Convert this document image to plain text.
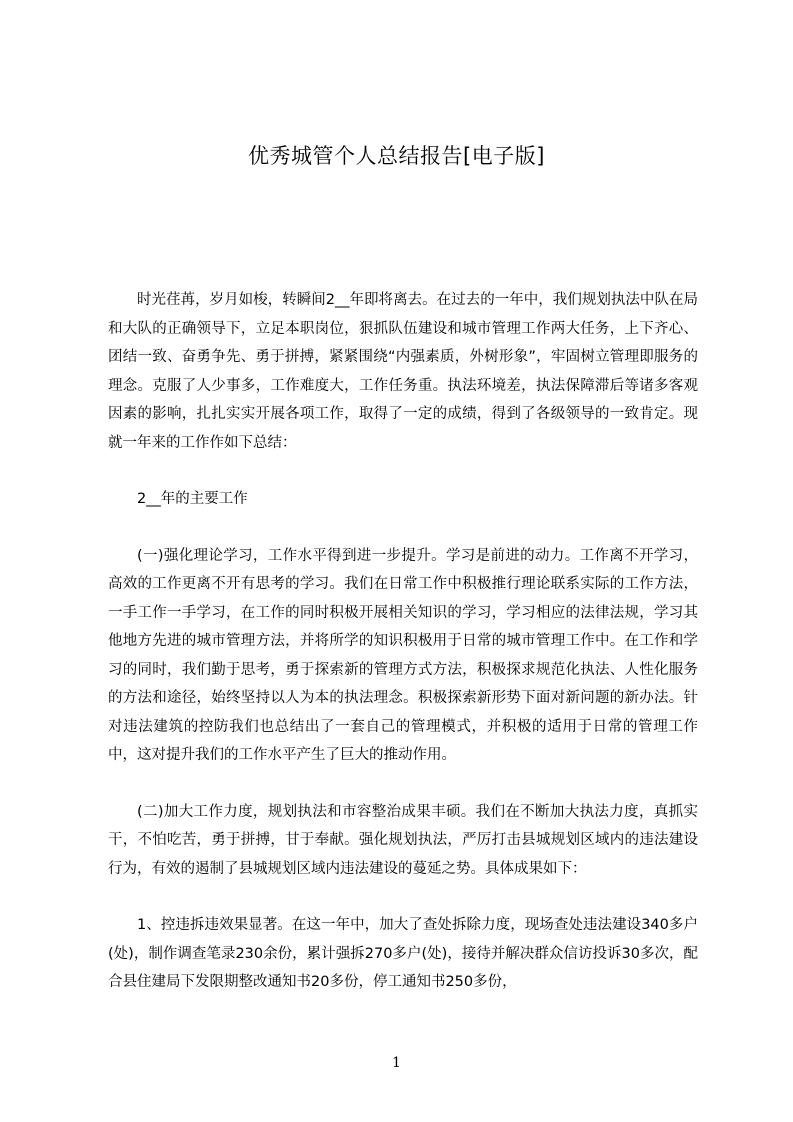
优秀城管个人总结报告[电子版]

时光荏苒，岁月如梭，转瞬间2__年即将离去。在过去的一年中，我们规划执法中队在局和大队的正确领导下，立足本职岗位，狠抓队伍建设和城市管理工作两大任务，上下齐心、团结一致、奋勇争先、勇于拼搏，紧紧围绕“内强素质，外树形象”，牢固树立管理即服务的理念。克服了人少事多，工作难度大，工作任务重。执法环境差，执法保障滞后等诸多客观因素的影响，扎扎实实开展各项工作，取得了一定的成绩，得到了各级领导的一致肯定。现就一年来的工作作如下总结：

2__年的主要工作

(一)强化理论学习，工作水平得到进一步提升。学习是前进的动力。工作离不开学习，高效的工作更离不开有思考的学习。我们在日常工作中积极推行理论联系实际的工作方法，一手工作一手学习，在工作的同时积极开展相关知识的学习，学习相应的法律法规，学习其他地方先进的城市管理方法，并将所学的知识积极用于日常的城市管理工作中。在工作和学习的同时，我们勤于思考，勇于探索新的管理方式方法，积极探求规范化执法、人性化服务的方法和途径，始终坚持以人为本的执法理念。积极探索新形势下面对新问题的新办法。针对违法建筑的控防我们也总结出了一套自己的管理模式，并积极的适用于日常的管理工作中，这对提升我们的工作水平产生了巨大的推动作用。

(二)加大工作力度，规划执法和市容整治成果丰硕。我们在不断加大执法力度，真抓实干，不怕吃苦，勇于拼搏，甘于奉献。强化规划执法，严厉打击县城规划区域内的违法建设行为，有效的遏制了县城规划区域内违法建设的蔓延之势。具体成果如下：

1、控违拆违效果显著。在这一年中，加大了查处拆除力度，现场查处违法建设340多户(处)，制作调查笔录230余份，累计强拆270多户(处)，接待并解决群众信访投诉30多次，配合县住建局下发限期整改通知书20多份，停工通知书250多份，

1
